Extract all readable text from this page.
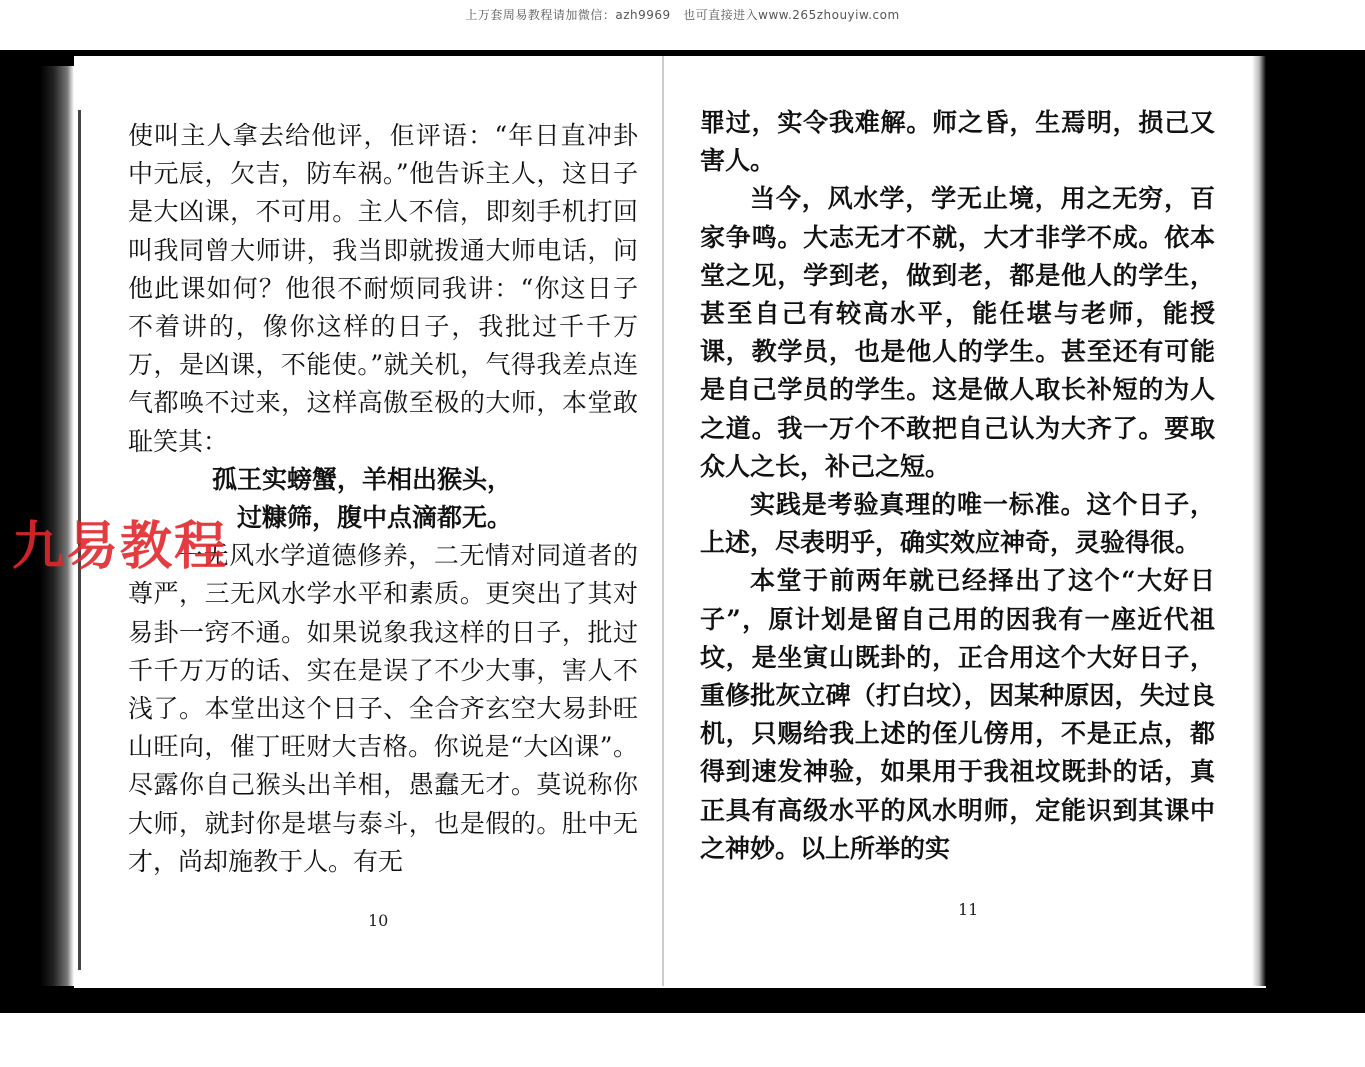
上万套周易教程请加微信：azh9969　也可直接进入www.265zhouyiw.com

使叫主人拿去给他评，佢评语：“年日直冲卦中元辰，欠吉，防车祸。”他告诉主人，这日子是大凶课，不可用。主人不信，即刻手机打回叫我同曾大师讲，我当即就拨通大师电话，问他此课如何？他很不耐烦同我讲：“你这日子不着讲的，像你这样的日子，我批过千千万万，是凶课，不能使。”就关机，气得我差点连气都唤不过来，这样高傲至极的大师，本堂敢耻笑其：

孤王实螃蟹，羊相出猴头，

　过糠筛，腹中点滴都无。

一无风水学道德修养，二无情对同道者的尊严，三无风水学水平和素质。更突出了其对易卦一窍不通。如果说象我这样的日子，批过千千万万的话、实在是误了不少大事，害人不浅了。本堂出这个日子、全合齐玄空大易卦旺山旺向，催丁旺财大吉格。你说是“大凶课”。尽露你自己猴头出羊相，愚蠢无才。莫说称你大师，就封你是堪与泰斗，也是假的。肚中无才，尚却施教于人。有无

罪过，实令我难解。师之昏，生焉明，损己又害人。

当今，风水学，学无止境，用之无穷，百家争鸣。大志无才不就，大才非学不成。依本堂之见，学到老，做到老，都是他人的学生，甚至自己有较高水平，能任堪与老师，能授课，教学员，也是他人的学生。甚至还有可能是自己学员的学生。这是做人取长补短的为人之道。我一万个不敢把自己认为大齐了。要取众人之长，补己之短。

实践是考验真理的唯一标准。这个日子，上述，尽表明乎，确实效应神奇，灵验得很。

本堂于前两年就已经择出了这个“大好日子”，原计划是留自己用的因我有一座近代祖坟，是坐寅山既卦的，正合用这个大好日子，重修批灰立碑（打白坟），因某种原因，失过良机，只赐给我上述的侄儿傍用，不是正点，都得到速发神验，如果用于我祖坟既卦的话，真正具有高级水平的风水明师，定能识到其课中之神妙。以上所举的实

10
11
九易教程
